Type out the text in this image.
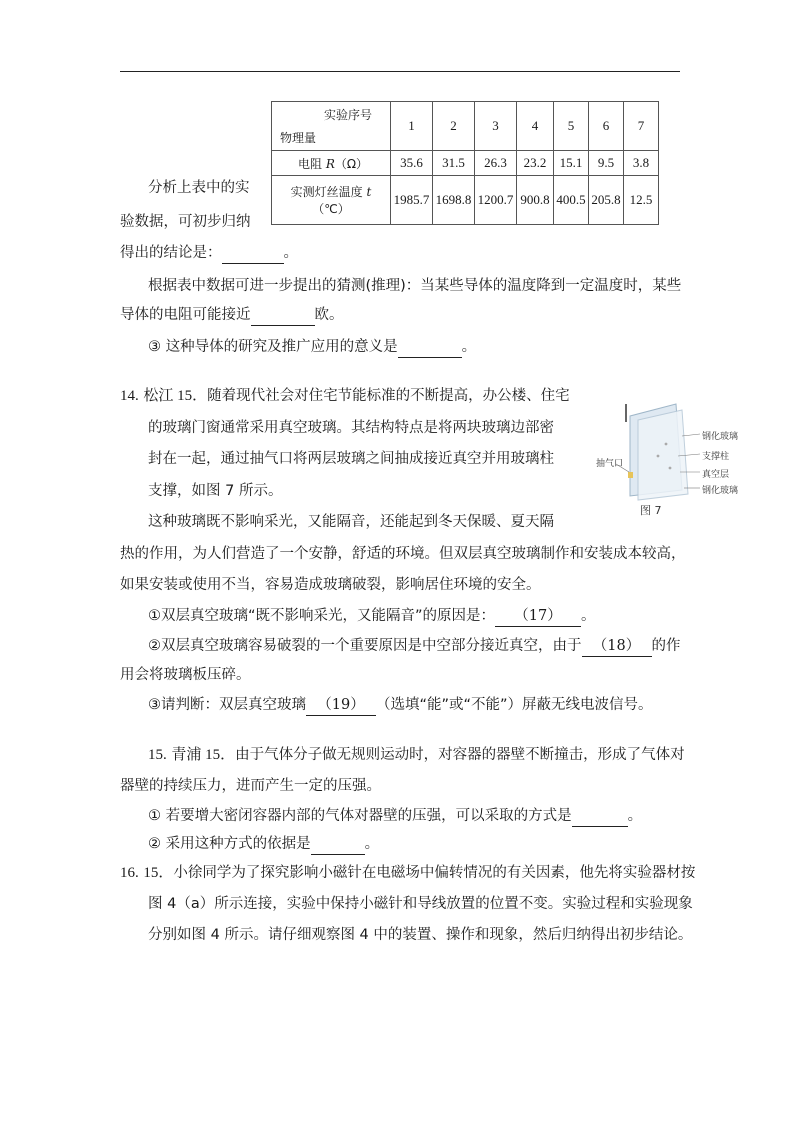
实验序号
物理量	1	2	3	4	5	6	7
电阻 R（Ω）	35.6	31.5	26.3	23.2	15.1	9.5	3.8

实测灯丝温度 t
（℃）	1985.7	1698.8	1200.7	900.8	400.5	205.8	12.5
分析上表中的实
验数据，可初步归纳
得出的结论是：	。
根据表中数据可进一步提出的猜测(推理)：当某些导体的温度降到一定温度时，某些
导体的电阻可能接近	欧。
③ 这种导体的研究及推广应用的意义是	。
14. 松江 15．随着现代社会对住宅节能标准的不断提高，办公楼、住宅
的玻璃门窗通常采用真空玻璃。其结构特点是将两块玻璃边部密
封在一起，通过抽气口将两层玻璃之间抽成接近真空并用玻璃柱
支撑，如图 7 所示。
这种玻璃既不影响采光，又能隔音，还能起到冬天保暖、夏天隔
热的作用，为人们营造了一个安静，舒适的环境。但双层真空玻璃制作和安装成本较高，
如果安装或使用不当，容易造成玻璃破裂，影响居住环境的安全。
①双层真空玻璃“既不影响采光，又能隔音”的原因是： （17） 。
②双层真空玻璃容易破裂的一个重要原因是中空部分接近真空，由于 （18） 的作
用会将玻璃板压碎。
③请判断：双层真空玻璃 （19） （选填“能”或“不能”）屏蔽无线电波信号。
钢化玻璃
支撑柱
真空层
钢化玻璃
抽气口
图 7
15. 青浦 15．由于气体分子做无规则运动时，对容器的器壁不断撞击，形成了气体对
器壁的持续压力，进而产生一定的压强。
① 若要增大密闭容器内部的气体对器壁的压强，可以采取的方式是	。
② 采用这种方式的依据是	。
16. 15．小徐同学为了探究影响小磁针在电磁场中偏转情况的有关因素，他先将实验器材按
图 4（a）所示连接，实验中保持小磁针和导线放置的位置不变。实验过程和实验现象
分别如图 4 所示。请仔细观察图 4 中的装置、操作和现象，然后归纳得出初步结论。
